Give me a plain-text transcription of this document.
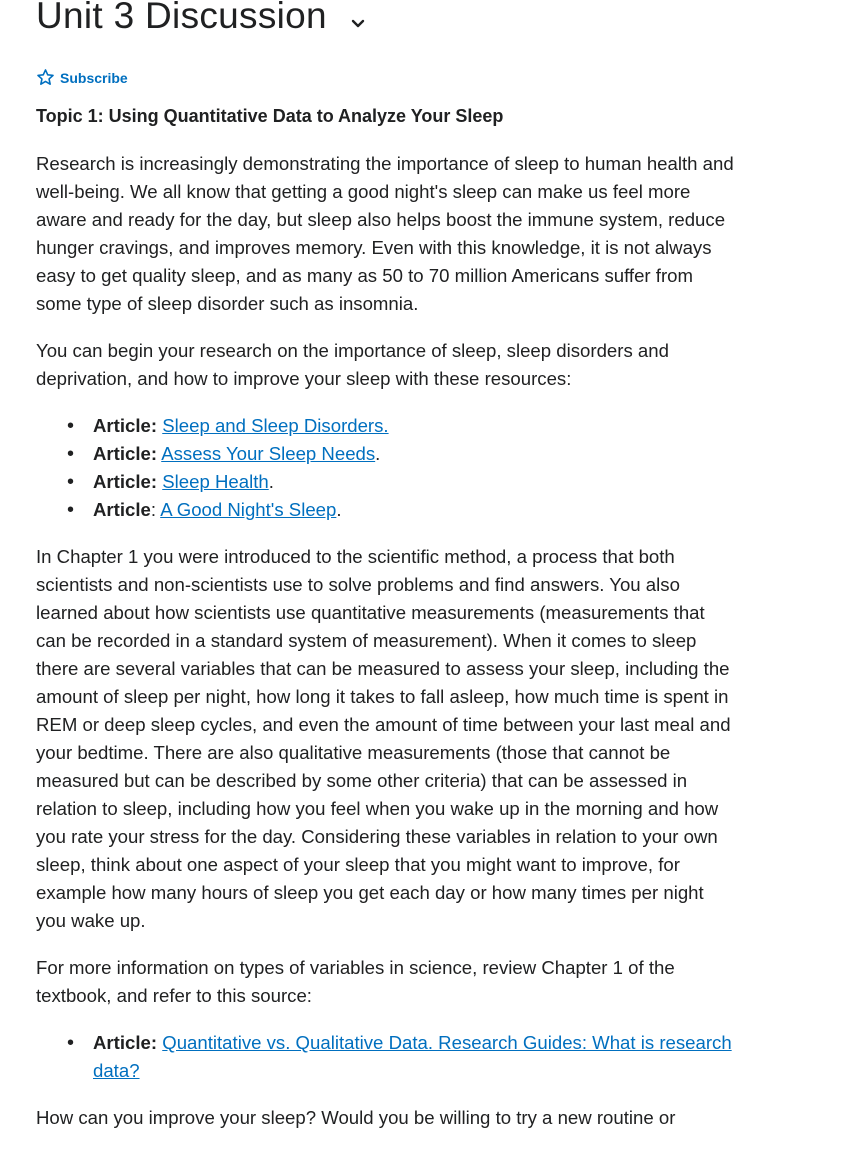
Unit 3 Discussion
Subscribe
Topic 1: Using Quantitative Data to Analyze Your Sleep

Research is increasingly demonstrating the importance of sleep to human health and well-being. We all know that getting a good night's sleep can make us feel more aware and ready for the day, but sleep also helps boost the immune system, reduce hunger cravings, and improves memory. Even with this knowledge, it is not always easy to get quality sleep, and as many as 50 to 70 million Americans suffer from some type of sleep disorder such as insomnia.

You can begin your research on the importance of sleep, sleep disorders and deprivation, and how to improve your sleep with these resources:

• Article: Sleep and Sleep Disorders.
• Article: Assess Your Sleep Needs.
• Article: Sleep Health.
• Article: A Good Night's Sleep.

In Chapter 1 you were introduced to the scientific method, a process that both scientists and non-scientists use to solve problems and find answers. You also learned about how scientists use quantitative measurements (measurements that can be recorded in a standard system of measurement). When it comes to sleep there are several variables that can be measured to assess your sleep, including the amount of sleep per night, how long it takes to fall asleep, how much time is spent in REM or deep sleep cycles, and even the amount of time between your last meal and your bedtime. There are also qualitative measurements (those that cannot be measured but can be described by some other criteria) that can be assessed in relation to sleep, including how you feel when you wake up in the morning and how you rate your stress for the day. Considering these variables in relation to your own sleep, think about one aspect of your sleep that you might want to improve, for example how many hours of sleep you get each day or how many times per night you wake up.

For more information on types of variables in science, review Chapter 1 of the textbook, and refer to this source:

• Article: Quantitative vs. Qualitative Data. Research Guides: What is research data?

How can you improve your sleep? Would you be willing to try a new routine or
